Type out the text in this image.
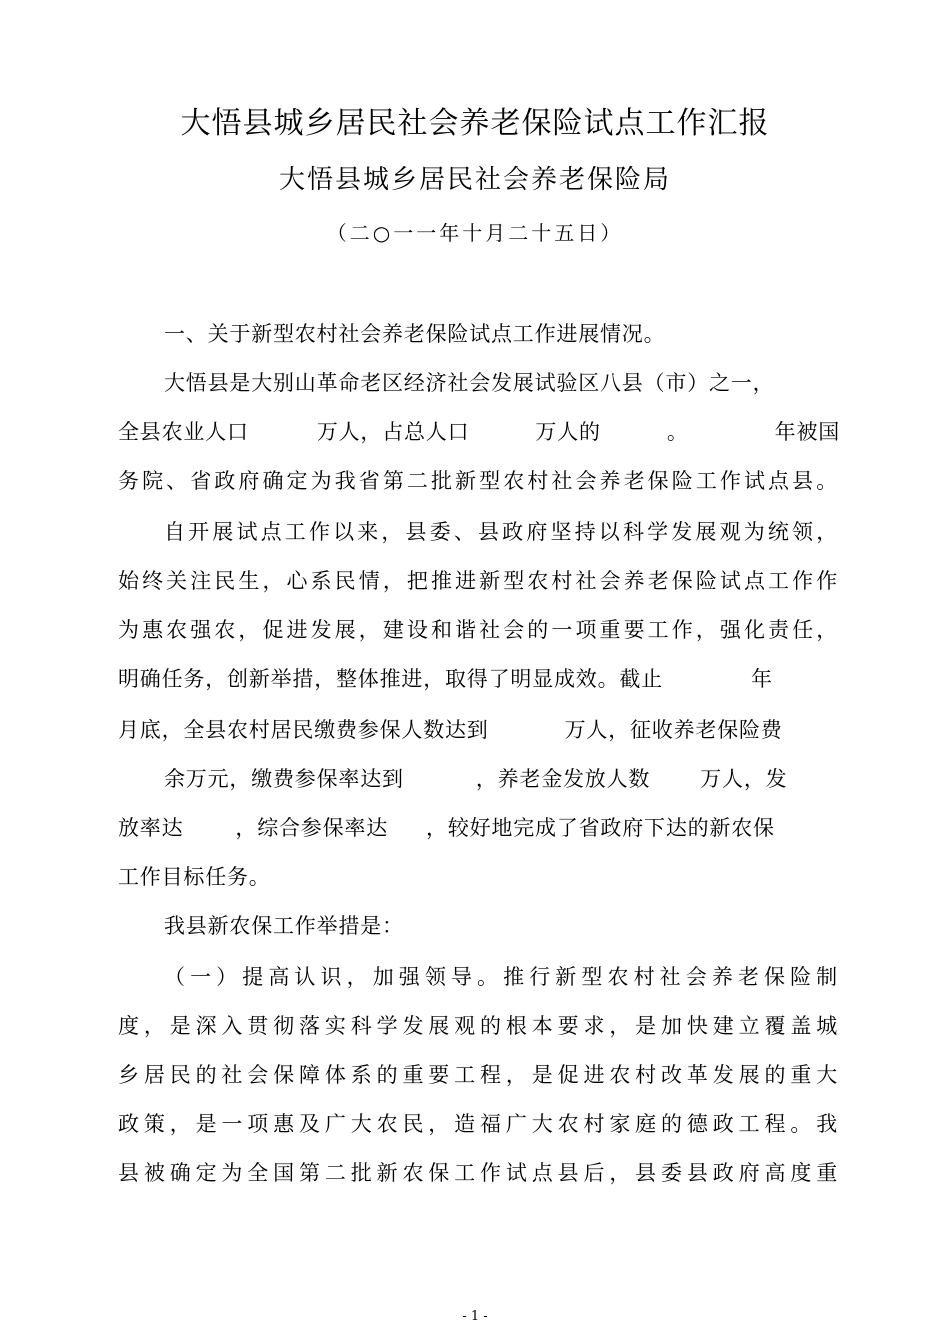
大悟县城乡居民社会养老保险试点工作汇报
大悟县城乡居民社会养老保险局
（二○一一年十月二十五日）
一、关于新型农村社会养老保险试点工作进展情况。
大悟县是大别山革命老区经济社会发展试验区八县（市）之一，
全县农业人口	万人，占总人口	万人的	。	年被国
务院、省政府确定为我省第二批新型农村社会养老保险工作试点县。
自开展试点工作以来，县委、县政府坚持以科学发展观为统领，
始终关注民生，心系民情，把推进新型农村社会养老保险试点工作作
为惠农强农，促进发展，建设和谐社会的一项重要工作，强化责任，
明确任务，创新举措，整体推进，取得了明显成效。截止	年
月底，全县农村居民缴费参保人数达到	万人，征收养老保险费
余万元，缴费参保率达到	，养老金发放人数 万人，发
放率达 ，综合参保率达 ，较好地完成了省政府下达的新农保
工作目标任务。
我县新农保工作举措是：
（一）提高认识，加强领导。推行新型农村社会养老保险制
度，是深入贯彻落实科学发展观的根本要求，是加快建立覆盖城
乡居民的社会保障体系的重要工程，是促进农村改革发展的重大
政策，是一项惠及广大农民，造福广大农村家庭的德政工程。我
县被确定为全国第二批新农保工作试点县后，县委县政府高度重
- 1 -
